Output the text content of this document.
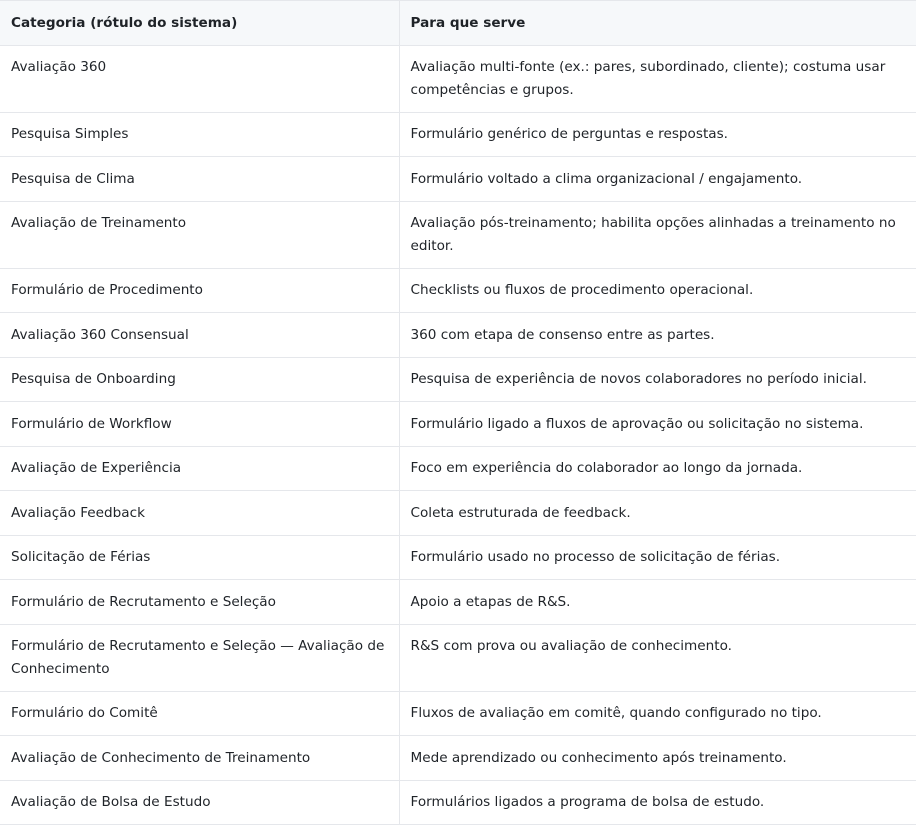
Categoria (rótulo do sistema)	Para que serve
Avaliação 360	Avaliação multi-fonte (ex.: pares, subordinado, cliente); costuma usar competências e grupos.
Pesquisa Simples	Formulário genérico de perguntas e respostas.
Pesquisa de Clima	Formulário voltado a clima organizacional / engajamento.
Avaliação de Treinamento	Avaliação pós-treinamento; habilita opções alinhadas a treinamento no editor.
Formulário de Procedimento	Checklists ou fluxos de procedimento operacional.
Avaliação 360 Consensual	360 com etapa de consenso entre as partes.
Pesquisa de Onboarding	Pesquisa de experiência de novos colaboradores no período inicial.
Formulário de Workflow	Formulário ligado a fluxos de aprovação ou solicitação no sistema.
Avaliação de Experiência	Foco em experiência do colaborador ao longo da jornada.
Avaliação Feedback	Coleta estruturada de feedback.
Solicitação de Férias	Formulário usado no processo de solicitação de férias.
Formulário de Recrutamento e Seleção	Apoio a etapas de R&S.
Formulário de Recrutamento e Seleção — Avaliação de Conhecimento	R&S com prova ou avaliação de conhecimento.
Formulário do Comitê	Fluxos de avaliação em comitê, quando configurado no tipo.
Avaliação de Conhecimento de Treinamento	Mede aprendizado ou conhecimento após treinamento.
Avaliação de Bolsa de Estudo	Formulários ligados a programa de bolsa de estudo.
